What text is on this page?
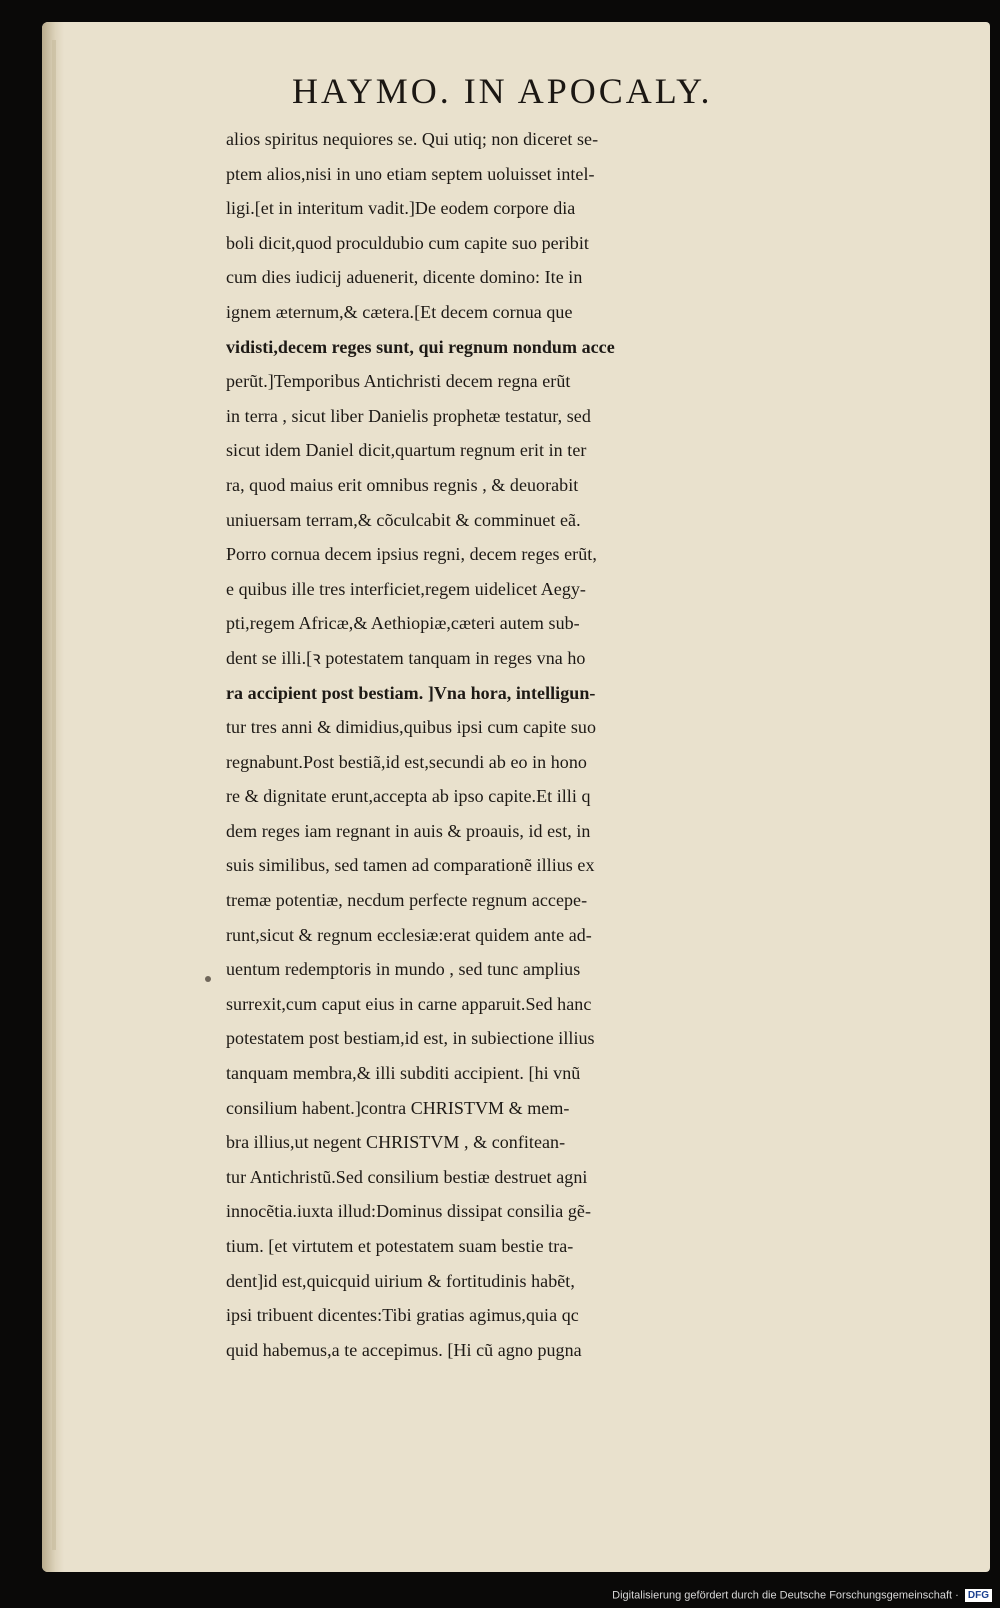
HAYMO. IN APOCALY.
alios spiritus nequiores se. Qui utiq; non diceret se-
ptem alios,nisi in uno etiam septem uoluisset intel-
ligi.[et in interitum vadit.]De eodem corpore dia
boli dicit,quod proculdubio cum capite suo peribit
cum dies iudicij aduenerit, dicente domino: Ite in
ignem æternum,& cætera.[Et decem cornua que
vidisti,decem reges sunt, qui regnum nondum acce
perũt.]Temporibus Antichristi decem regna erũt
in terra , sicut liber Danielis prophetæ testatur, sed
sicut idem Daniel dicit,quartum regnum erit in ter
ra, quod maius erit omnibus regnis , & deuorabit
uniuersam terram,& cõculcabit & comminuet eã.
Porro cornua decem ipsius regni, decem reges erũt,
e quibus ille tres interficiet,regem uidelicet Aegy-
pti,regem Africæ,& Aethiopiæ,cæteri autem sub-
dent se illi.[ꝛ potestatem tanquam in reges vna ho
ra accipient post bestiam. ]Vna hora, intelligun-
tur tres anni & dimidius,quibus ipsi cum capite suo
regnabunt.Post bestiã,id est,secundi ab eo in hono
re & dignitate erunt,accepta ab ipso capite.Et illi q
dem reges iam regnant in auis & proauis, id est, in
suis similibus, sed tamen ad comparationẽ illius ex
tremæ potentiæ, necdum perfecte regnum accepe-
runt,sicut & regnum ecclesiæ:erat quidem ante ad-
uentum redemptoris in mundo , sed tunc amplius
surrexit,cum caput eius in carne apparuit.Sed hanc
potestatem post bestiam,id est, in subiectione illius
tanquam membra,& illi subditi accipient. [hi vnũ
consilium habent.]contra CHRISTVM & mem-
bra illius,ut negent CHRISTVM , & confitean-
tur Antichristũ.Sed consilium bestiæ destruet agni
innocẽtia.iuxta illud:Dominus dissipat consilia gẽ-
tium. [et virtutem et potestatem suam bestie tra-
dent]id est,quicquid uirium & fortitudinis habẽt,
ipsi tribuent dicentes:Tibi gratias agimus,quia qc
quid habemus,a te accepimus. [Hi cũ agno pugna
Digitalisierung gefördert durch die Deutsche Forschungsgemeinschaft · DFG
